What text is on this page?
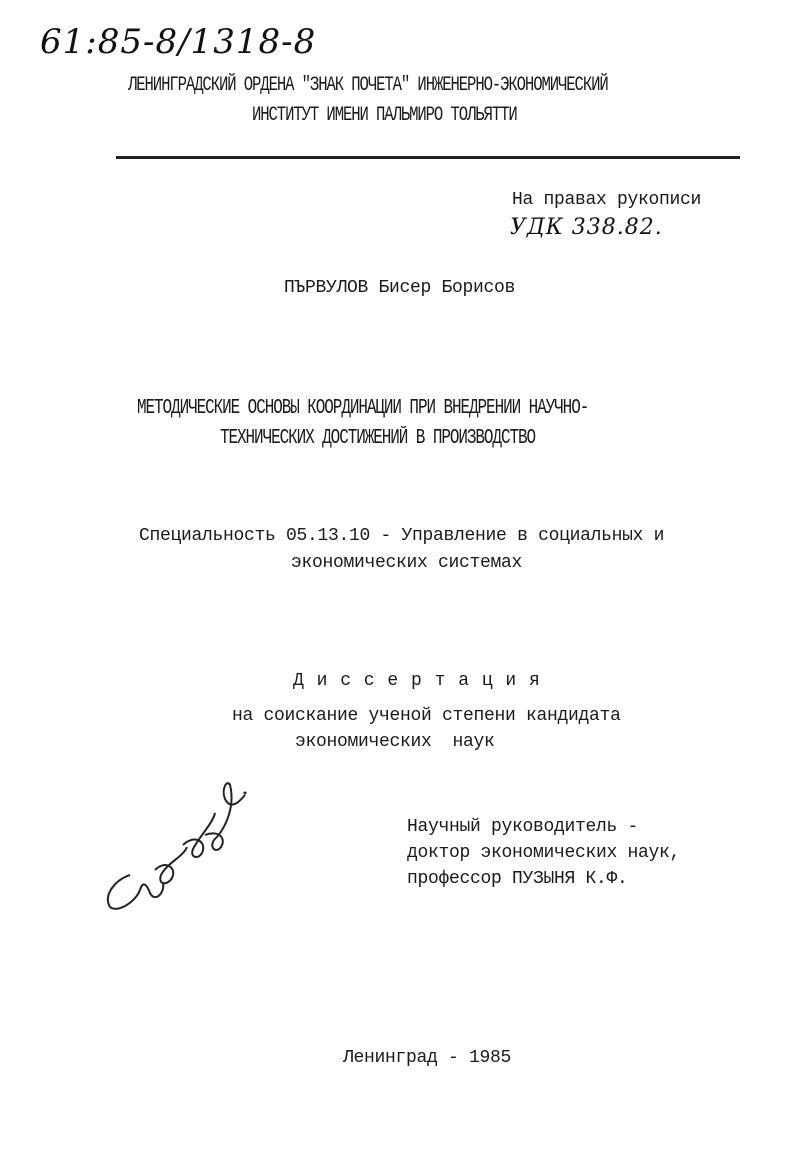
61:85-8/1318-8
ЛЕНИНГРАДСКИЙ ОРДЕНА "ЗНАК ПОЧЕТА" ИНЖЕНЕРНО-ЭКОНОМИЧЕСКИЙ
ИНСТИТУТ ИМЕНИ ПАЛЬМИРО ТОЛЬЯТТИ
На правах рукописи
УДК 338.82.
ПЪРВУЛОВ Бисер Борисов
МЕТОДИЧЕСКИЕ ОСНОВЫ КООРДИНАЦИИ ПРИ ВНЕДРЕНИИ НАУЧНО-
ТЕХНИЧЕСКИХ ДОСТИЖЕНИЙ В ПРОИЗВОДСТВО
Специальность 05.13.10 - Управление в социальных и
экономических системах
Д и с с е р т а ц и я
на соискание ученой степени кандидата
экономических  наук
Научный руководитель -
доктор экономических наук,
профессор ПУЗЫНЯ К.Ф.
Ленинград - 1985
